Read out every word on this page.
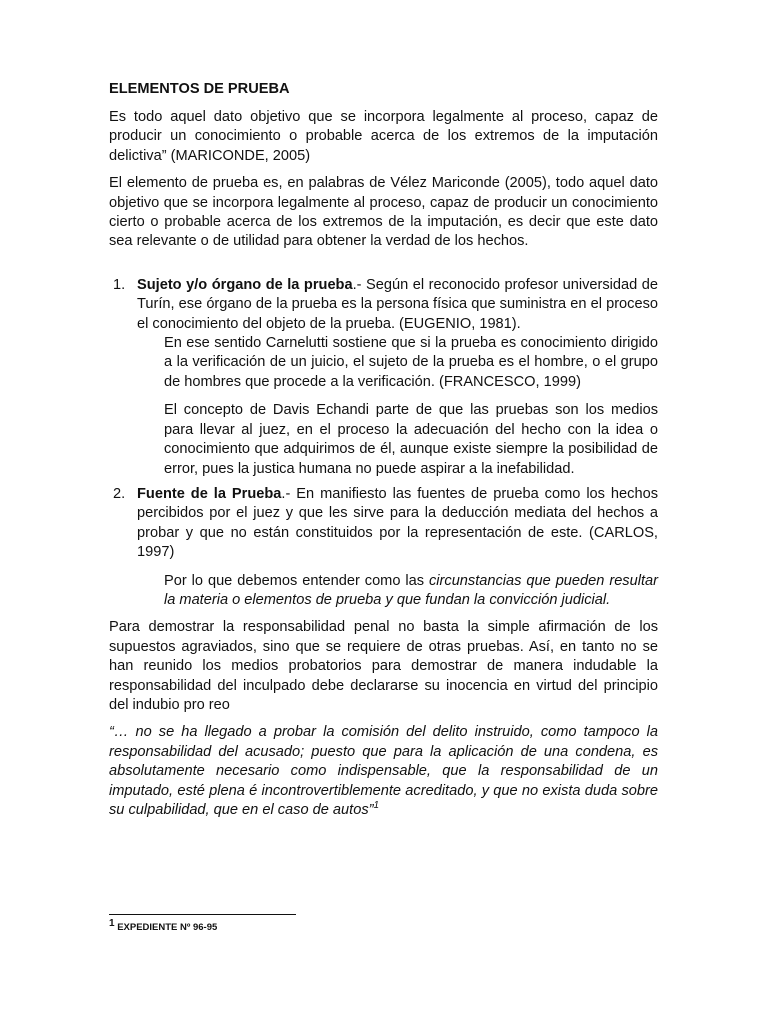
ELEMENTOS DE PRUEBA

Es todo aquel dato objetivo que se incorpora legalmente al proceso, capaz de producir un conocimiento o probable acerca de los extremos de la imputación delictiva” (MARICONDE, 2005)

El elemento de prueba es, en palabras de Vélez Mariconde (2005), todo aquel dato objetivo que se incorpora legalmente al proceso, capaz de producir un conocimiento cierto o probable acerca de los extremos de la imputación, es decir que este dato sea relevante o de utilidad para obtener la verdad de los hechos.

1. Sujeto y/o órgano de la prueba.- Según el reconocido profesor universidad de Turín, ese órgano de la prueba es la persona física que suministra en el proceso el conocimiento del objeto de la prueba. (EUGENIO, 1981).

En ese sentido Carnelutti sostiene que si la prueba es conocimiento dirigido a la verificación de un juicio, el sujeto de la prueba es el hombre, o el grupo de hombres que procede a la verificación. (FRANCESCO, 1999)

El concepto de Davis Echandi parte de que las pruebas son los medios para llevar al juez, en el proceso la adecuación del hecho con la idea o conocimiento que adquirimos de él, aunque existe siempre la posibilidad de error, pues la justica humana no puede aspirar a la inefabilidad.

2. Fuente de la Prueba.- En manifiesto las fuentes de prueba como los hechos percibidos por el juez y que les sirve para la deducción mediata del hechos a probar y que no están constituidos por la representación de este. (CARLOS, 1997)

Por lo que debemos entender como las circunstancias que pueden resultar la materia o elementos de prueba y que fundan la convicción judicial.

Para demostrar la responsabilidad penal no basta la simple afirmación de los supuestos agraviados, sino que se requiere de otras pruebas. Así, en tanto no se han reunido los medios probatorios para demostrar de manera indudable la responsabilidad del inculpado debe declararse su inocencia en virtud del principio del indubio pro reo

“… no se ha llegado a probar la comisión del delito instruido, como tampoco la responsabilidad del acusado; puesto que para la aplicación de una condena, es absolutamente necesario como indispensable, que la responsabilidad de un imputado, esté plena é incontrovertiblemente acreditado, y que no exista duda sobre su culpabilidad, que en el caso de autos”$^1$

1 EXPEDIENTE Nº 96-95
